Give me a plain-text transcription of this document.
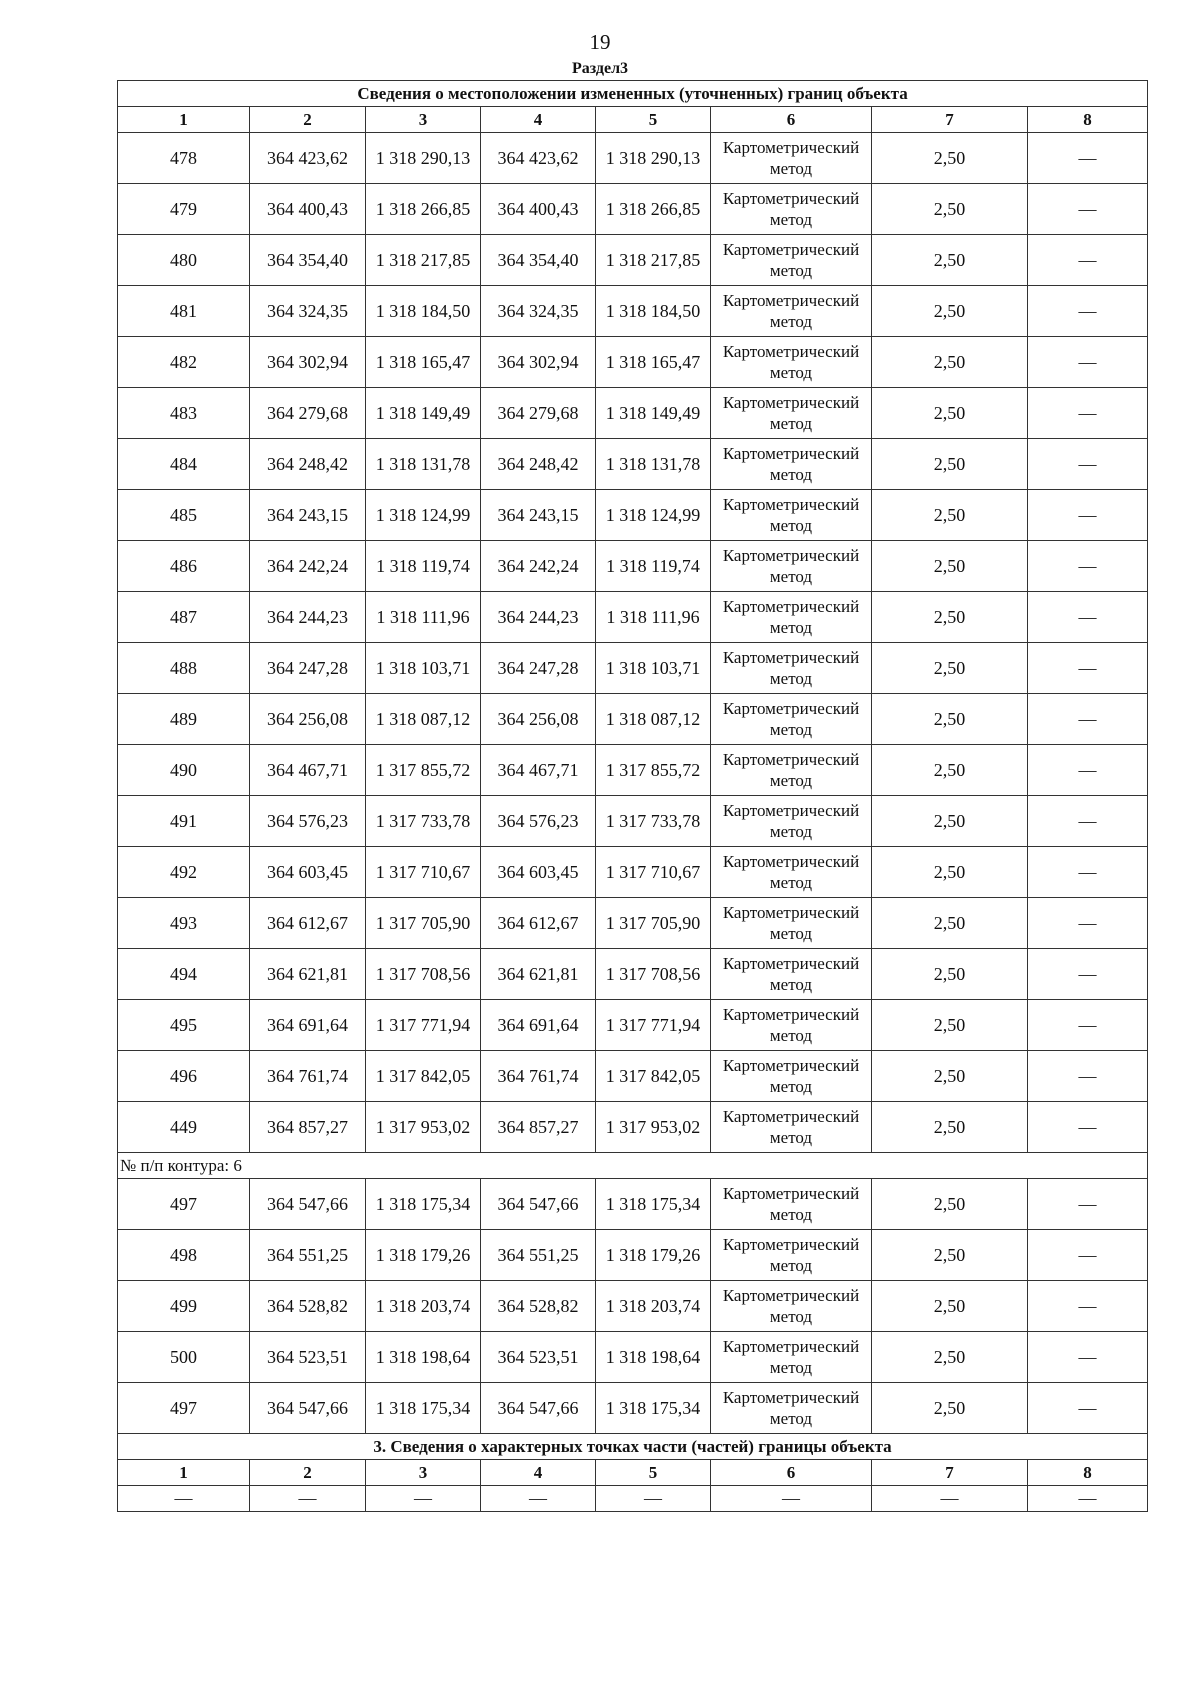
19
Раздел3
Сведения о местоположении измененных (уточненных) границ объекта							
1	2	3	4	5	6	7	8
478	364 423,62	1 318 290,13	364 423,62	1 318 290,13	Картометрический метод	2,50	—
479	364 400,43	1 318 266,85	364 400,43	1 318 266,85	Картометрический метод	2,50	—
480	364 354,40	1 318 217,85	364 354,40	1 318 217,85	Картометрический метод	2,50	—
481	364 324,35	1 318 184,50	364 324,35	1 318 184,50	Картометрический метод	2,50	—
482	364 302,94	1 318 165,47	364 302,94	1 318 165,47	Картометрический метод	2,50	—
483	364 279,68	1 318 149,49	364 279,68	1 318 149,49	Картометрический метод	2,50	—
484	364 248,42	1 318 131,78	364 248,42	1 318 131,78	Картометрический метод	2,50	—
485	364 243,15	1 318 124,99	364 243,15	1 318 124,99	Картометрический метод	2,50	—
486	364 242,24	1 318 119,74	364 242,24	1 318 119,74	Картометрический метод	2,50	—
487	364 244,23	1 318 111,96	364 244,23	1 318 111,96	Картометрический метод	2,50	—
488	364 247,28	1 318 103,71	364 247,28	1 318 103,71	Картометрический метод	2,50	—
489	364 256,08	1 318 087,12	364 256,08	1 318 087,12	Картометрический метод	2,50	—
490	364 467,71	1 317 855,72	364 467,71	1 317 855,72	Картометрический метод	2,50	—
491	364 576,23	1 317 733,78	364 576,23	1 317 733,78	Картометрический метод	2,50	—
492	364 603,45	1 317 710,67	364 603,45	1 317 710,67	Картометрический метод	2,50	—
493	364 612,67	1 317 705,90	364 612,67	1 317 705,90	Картометрический метод	2,50	—
494	364 621,81	1 317 708,56	364 621,81	1 317 708,56	Картометрический метод	2,50	—
495	364 691,64	1 317 771,94	364 691,64	1 317 771,94	Картометрический метод	2,50	—
496	364 761,74	1 317 842,05	364 761,74	1 317 842,05	Картометрический метод	2,50	—
449	364 857,27	1 317 953,02	364 857,27	1 317 953,02	Картометрический метод	2,50	—
№ п/п контура: 6							
497	364 547,66	1 318 175,34	364 547,66	1 318 175,34	Картометрический метод	2,50	—
498	364 551,25	1 318 179,26	364 551,25	1 318 179,26	Картометрический метод	2,50	—
499	364 528,82	1 318 203,74	364 528,82	1 318 203,74	Картометрический метод	2,50	—
500	364 523,51	1 318 198,64	364 523,51	1 318 198,64	Картометрический метод	2,50	—
497	364 547,66	1 318 175,34	364 547,66	1 318 175,34	Картометрический метод	2,50	—
3. Сведения о характерных точках части (частей) границы объекта							
1	2	3	4	5	6	7	8
—	—	—	—	—	—	—	—
